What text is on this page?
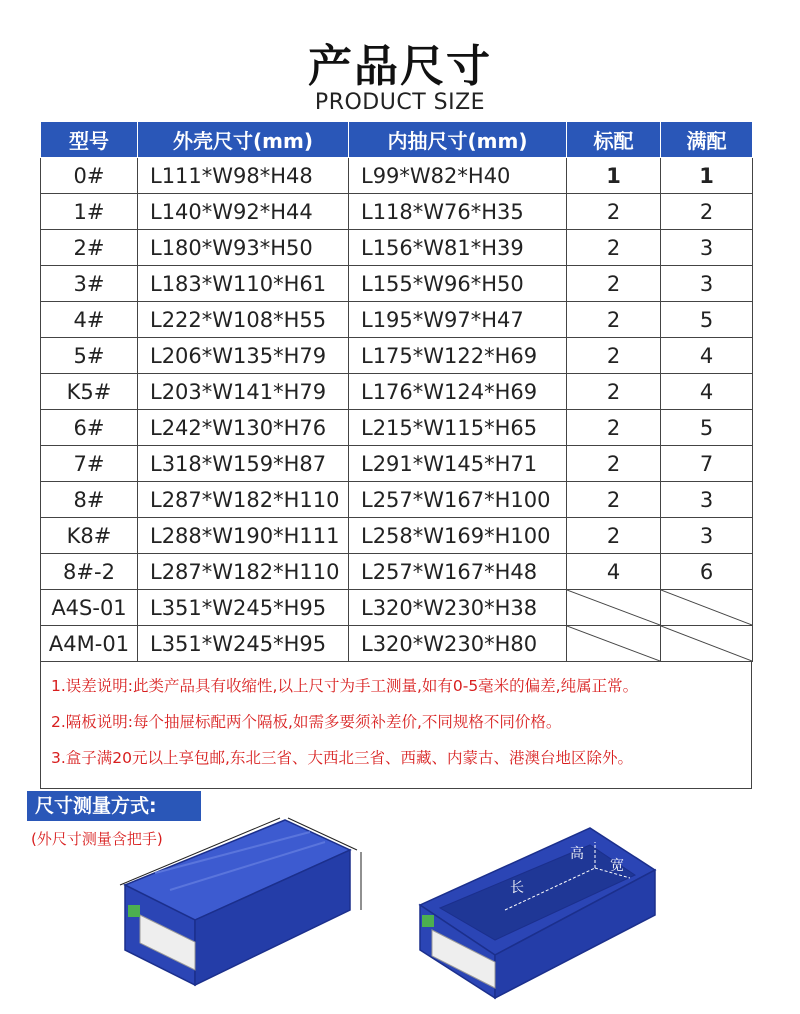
产品尺寸
PRODUCT SIZE
型号	外壳尺寸(mm)	内抽尺寸(mm)	标配	满配
0#	L111*W98*H48	L99*W82*H40	1	1
1#	L140*W92*H44	L118*W76*H35	2	2
2#	L180*W93*H50	L156*W81*H39	2	3
3#	L183*W110*H61	L155*W96*H50	2	3
4#	L222*W108*H55	L195*W97*H47	2	5
5#	L206*W135*H79	L175*W122*H69	2	4
K5#	L203*W141*H79	L176*W124*H69	2	4
6#	L242*W130*H76	L215*W115*H65	2	5
7#	L318*W159*H87	L291*W145*H71	2	7
8#	L287*W182*H110	L257*W167*H100	2	3
K8#	L288*W190*H111	L258*W169*H100	2	3
8#-2	L287*W182*H110	L257*W167*H48	4	6
A4S-01	L351*W245*H95	L320*W230*H38	

A4M-01	L351*W245*H95	L320*W230*H80	

1.误差说明:此类产品具有收缩性,以上尺寸为手工测量,如有0-5毫米的偏差,纯属正常。
2.隔板说明:每个抽屉标配两个隔板,如需多要须补差价,不同规格不同价格。
3.盒子满20元以上享包邮,东北三省、大西北三省、西藏、内蒙古、港澳台地区除外。
尺寸测量方式:
(外尺寸测量含把手)
高
宽
长
